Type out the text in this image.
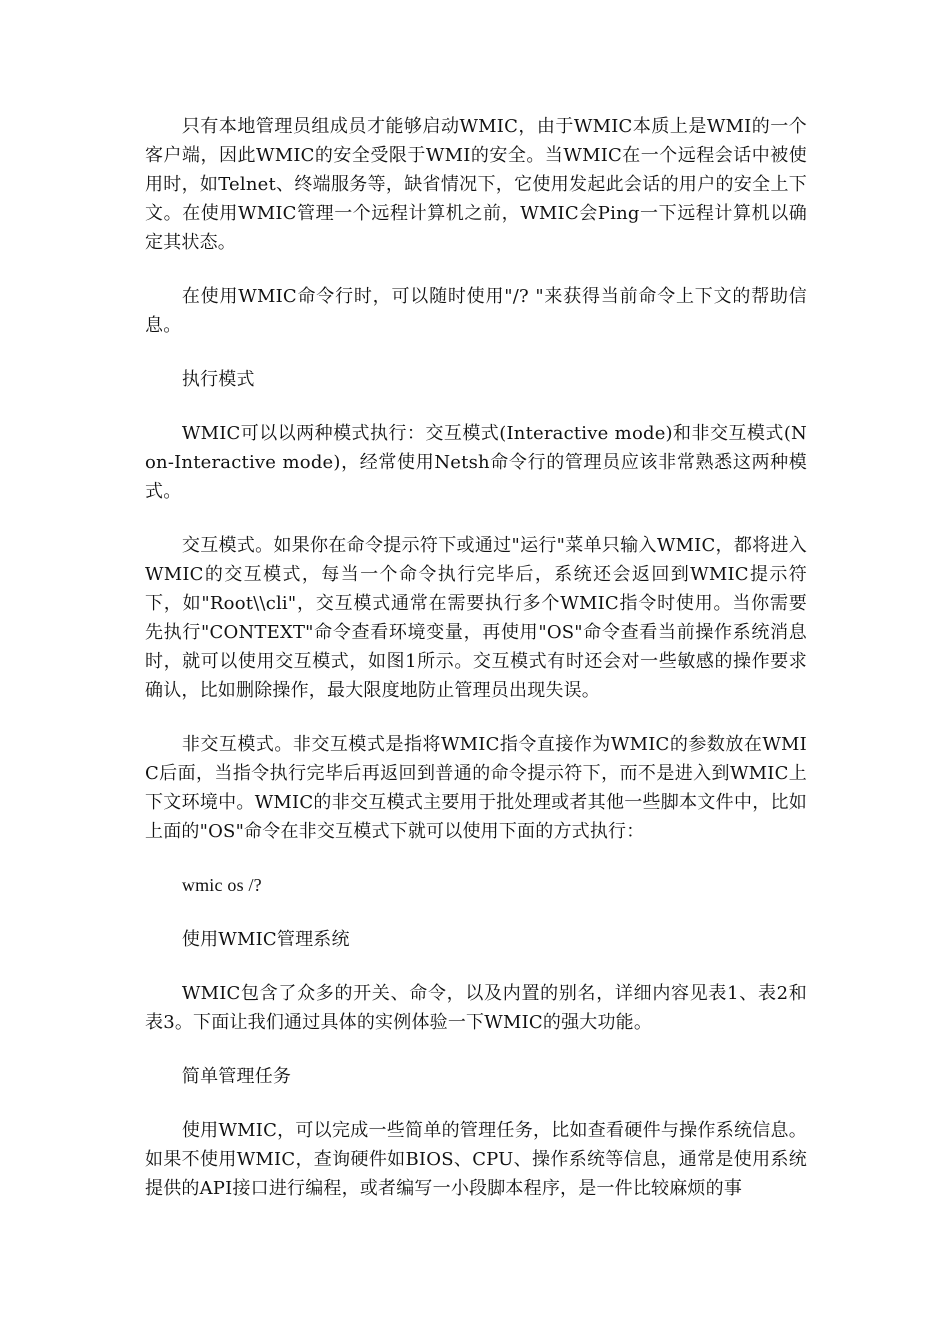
只有本地管理员组成员才能够启动WMIC，由于WMIC本质上是WMI的一个客户端，因此WMIC的安全受限于WMI的安全。当WMIC在一个远程会话中被使用时，如Telnet、终端服务等，缺省情况下，它使用发起此会话的用户的安全上下文。在使用WMIC管理一个远程计算机之前，WMIC会Ping一下远程计算机以确定其状态。

在使用WMIC命令行时，可以随时使用"/? "来获得当前命令上下文的帮助信息。

执行模式

WMIC可以以两种模式执行：交互模式(Interactive mode)和非交互模式(Non-Interactive mode)，经常使用Netsh命令行的管理员应该非常熟悉这两种模式。

交互模式。如果你在命令提示符下或通过"运行"菜单只输入WMIC，都将进入WMIC的交互模式，每当一个命令执行完毕后，系统还会返回到WMIC提示符下，如"Root\\cli"，交互模式通常在需要执行多个WMIC指令时使用。当你需要先执行"CONTEXT"命令查看环境变量，再使用"OS"命令查看当前操作系统消息时，就可以使用交互模式，如图1所示。交互模式有时还会对一些敏感的操作要求确认，比如删除操作，最大限度地防止管理员出现失误。

非交互模式。非交互模式是指将WMIC指令直接作为WMIC的参数放在WMIC后面，当指令执行完毕后再返回到普通的命令提示符下，而不是进入到WMIC上下文环境中。WMIC的非交互模式主要用于批处理或者其他一些脚本文件中，比如上面的"OS"命令在非交互模式下就可以使用下面的方式执行：

wmic os /?

使用WMIC管理系统

WMIC包含了众多的开关、命令，以及内置的别名，详细内容见表1、表2和表3。下面让我们通过具体的实例体验一下WMIC的强大功能。

简单管理任务

使用WMIC，可以完成一些简单的管理任务，比如查看硬件与操作系统信息。如果不使用WMIC，查询硬件如BIOS、CPU、操作系统等信息，通常是使用系统提供的API接口进行编程，或者编写一小段脚本程序，是一件比较麻烦的事
